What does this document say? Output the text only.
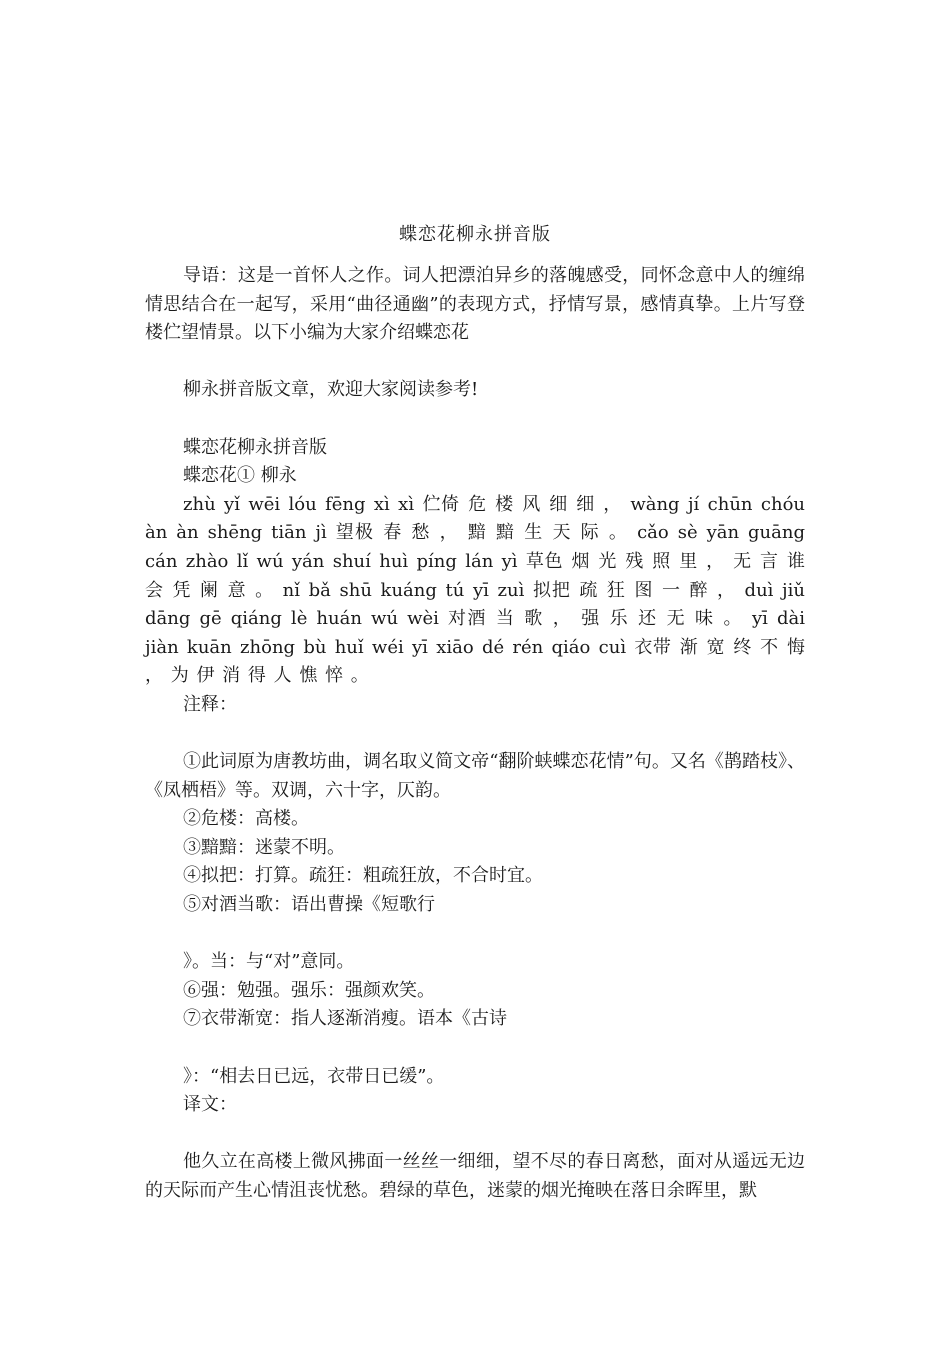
蝶恋花柳永拼音版

导语：这是一首怀人之作。词人把漂泊异乡的落魄感受，同怀念意中人的缠绵情思结合在一起写，采用“曲径通幽”的表现方式，抒情写景，感情真挚。上片写登楼伫望情景。以下小编为大家介绍蝶恋花

柳永拼音版文章，欢迎大家阅读参考!

蝶恋花柳永拼音版

蝶恋花① 柳永

zhù yǐ wēi lóu fēng xì xì 伫倚 危 楼 风 细 细 ， wàng jí chūn chóu àn àn shēng tiān jì 望极 春 愁 ， 黯 黯 生 天 际 。 cǎo sè yān guāng cán zhào lǐ wú yán shuí huì píng lán yì 草色 烟 光 残 照 里 ， 无 言 谁 会 凭 阑 意 。 nǐ bǎ shū kuáng tú yī zuì 拟把 疏 狂 图 一 醉 ， duì jiǔ dāng gē qiáng lè huán wú wèi 对酒 当 歌 ， 强 乐 还 无 味 。 yī dài jiàn kuān zhōng bù huǐ wéi yī xiāo dé rén qiáo cuì 衣带 渐 宽 终 不 悔 ， 为 伊 消 得 人 憔 悴 。

注释：

①此词原为唐教坊曲，调名取义简文帝“翻阶蛱蝶恋花情”句。又名《鹊踏枝》、《凤栖梧》等。双调，六十字，仄韵。

②危楼：高楼。

③黯黯：迷蒙不明。

④拟把：打算。疏狂：粗疏狂放，不合时宜。

⑤对酒当歌：语出曹操《短歌行

》。当：与“对”意同。

⑥强：勉强。强乐：强颜欢笑。

⑦衣带渐宽：指人逐渐消瘦。语本《古诗

》：“相去日已远，衣带日已缓”。

译文：

他久立在高楼上微风拂面一丝丝一细细，望不尽的春日离愁，面对从遥远无边的天际而产生心情沮丧忧愁。碧绿的草色，迷蒙的烟光掩映在落日余晖里，默
